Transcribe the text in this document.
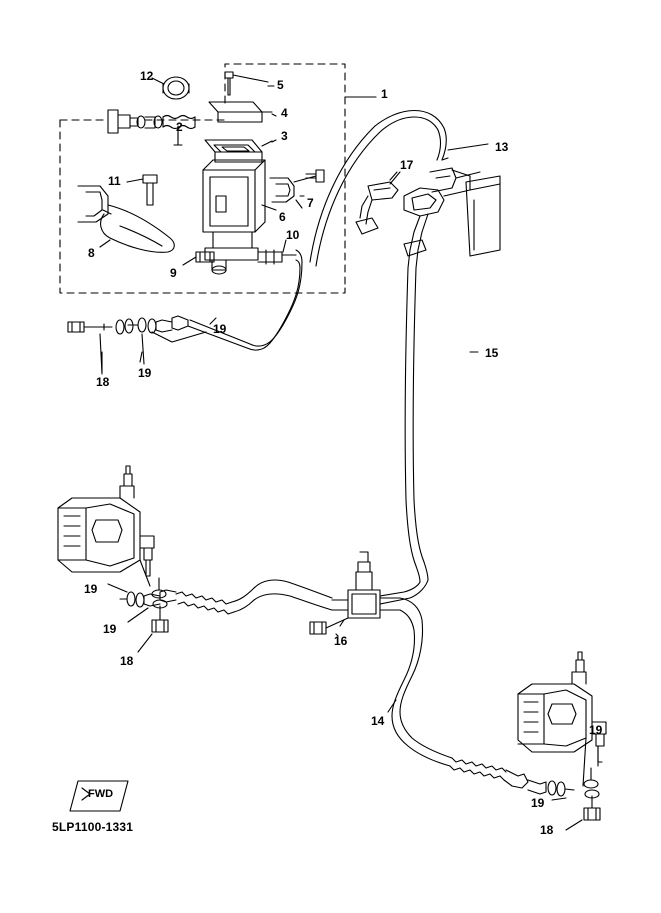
1
2
3
4
5
6
7
8
9
10
11
12
13
14
15
16
17
18
18
18
19
19
19
19
19
19
FWD
5LP1100-1331
